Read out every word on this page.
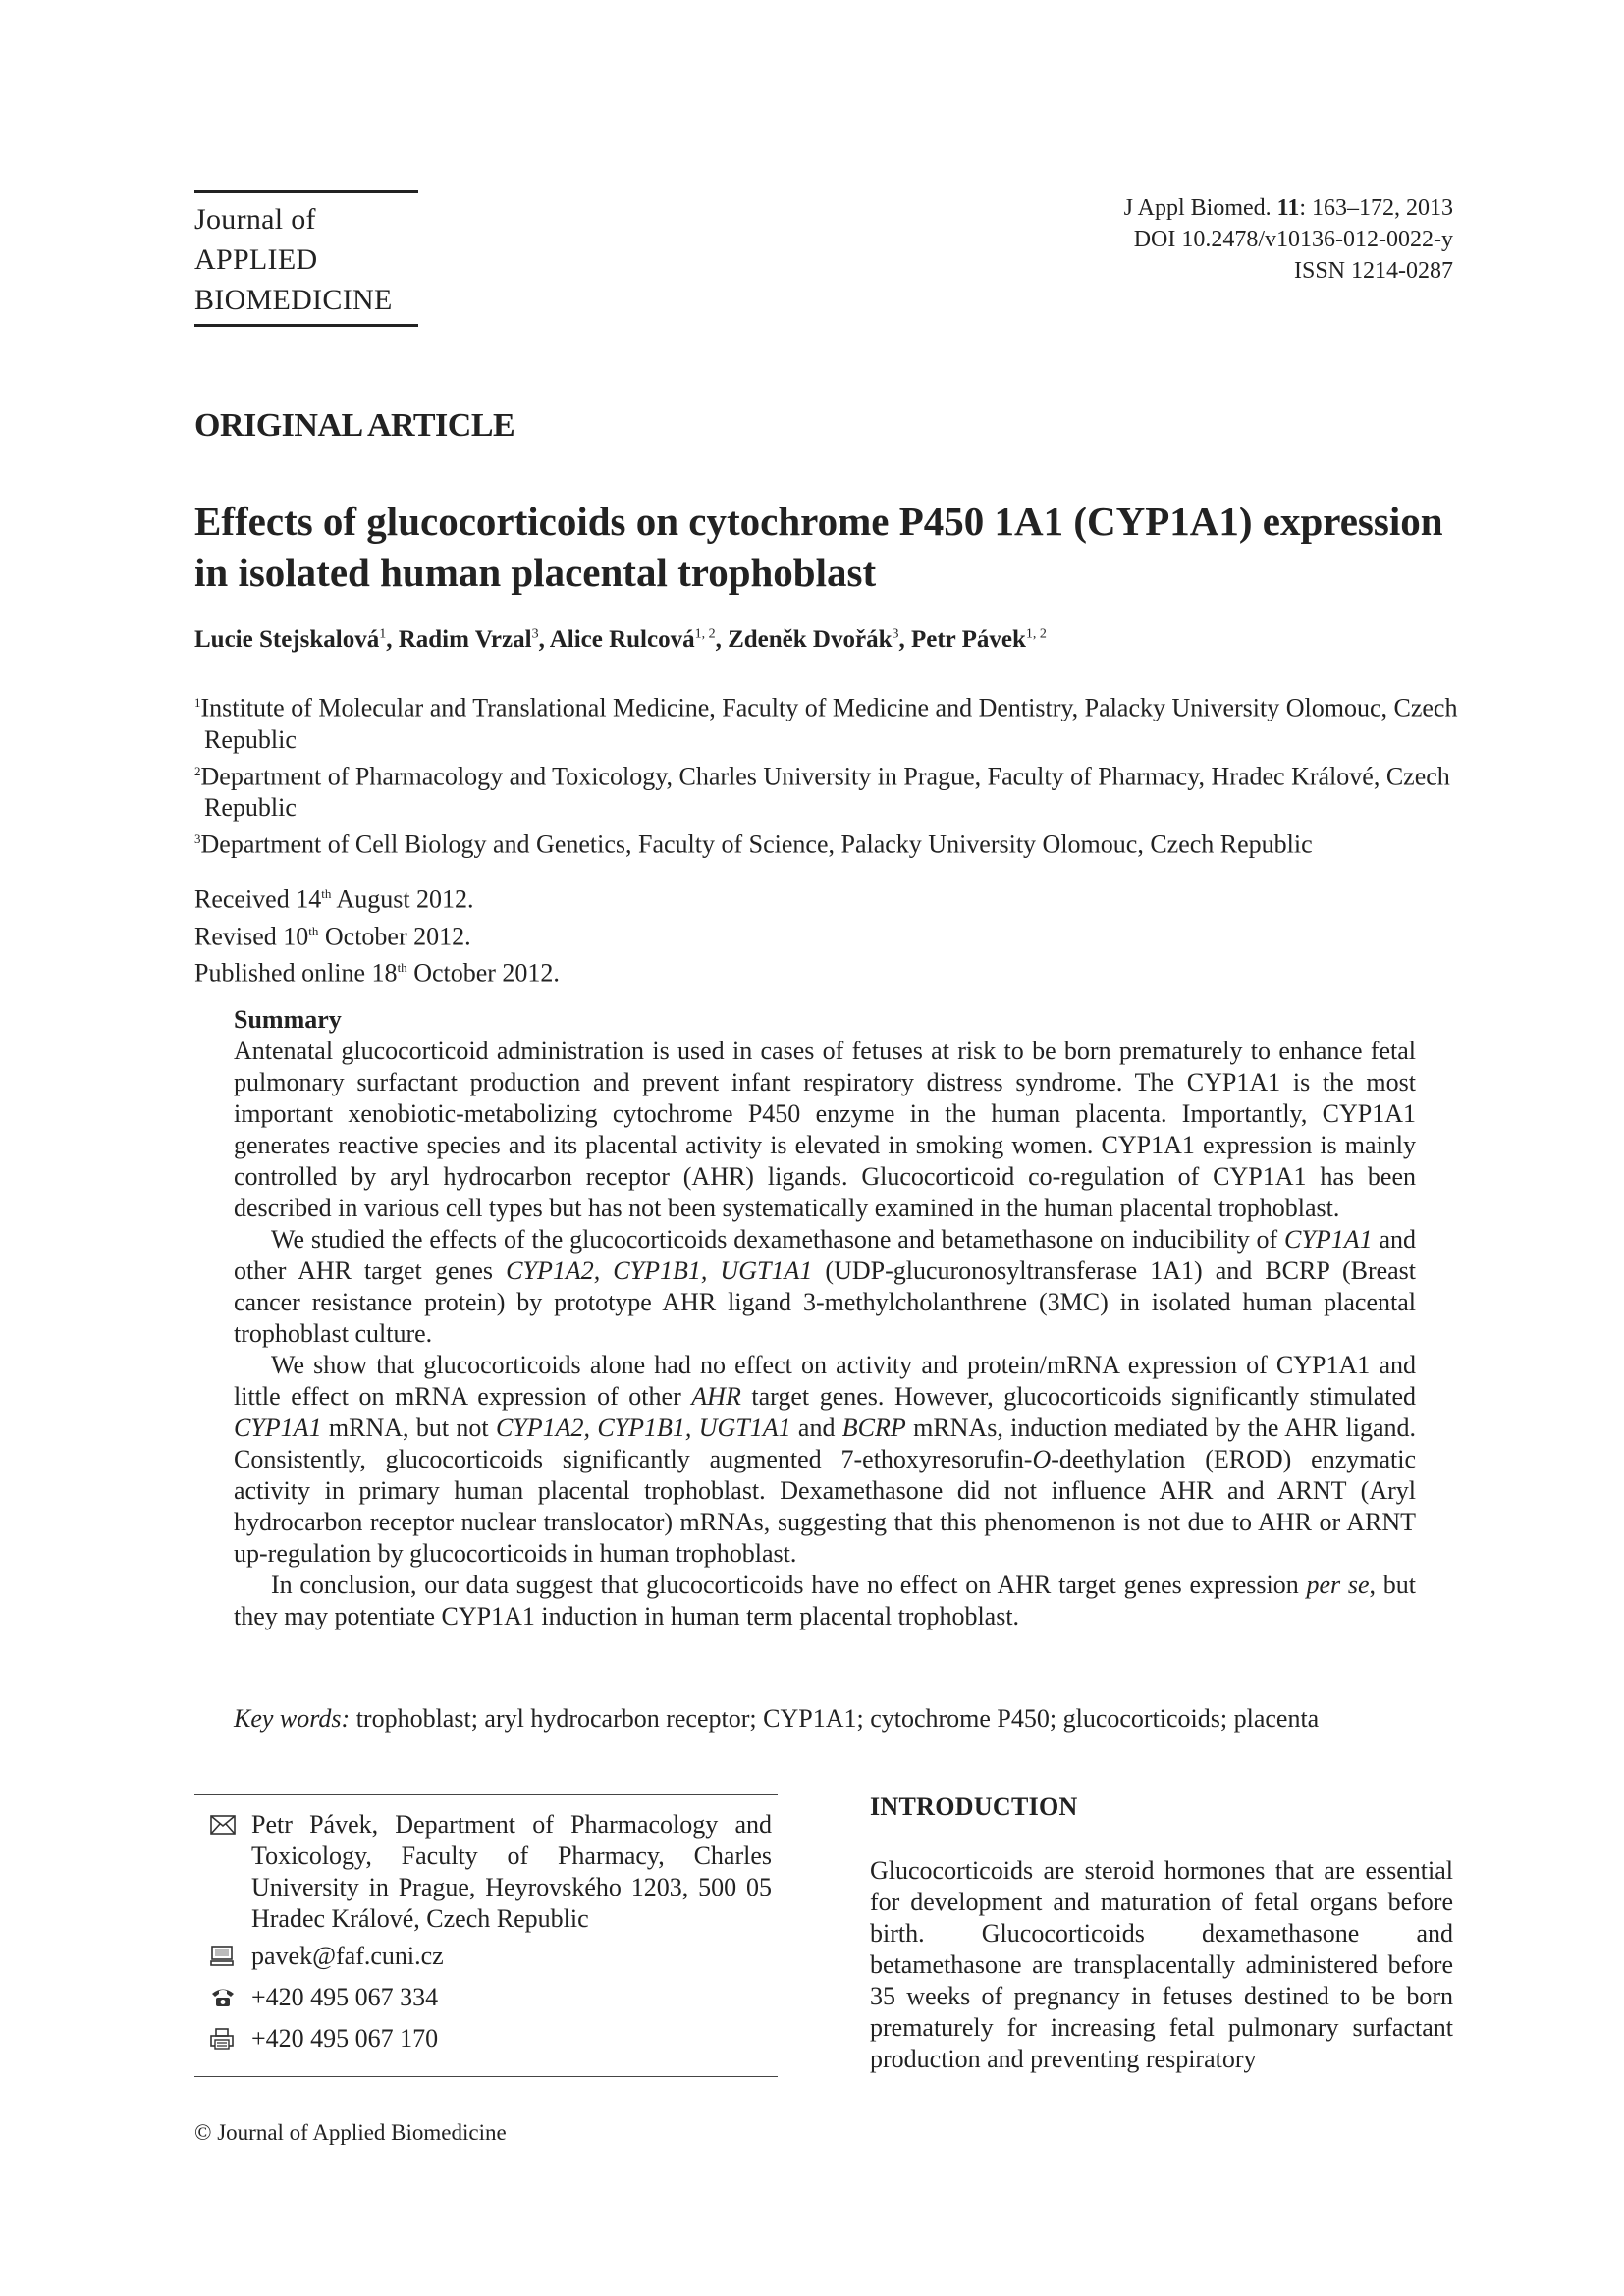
Journal of
APPLIED
BIOMEDICINE
J Appl Biomed. 11: 163–172, 2013
DOI 10.2478/v10136-012-0022-y
ISSN 1214-0287
ORIGINAL ARTICLE
Effects of glucocorticoids on cytochrome P450 1A1 (CYP1A1) expression in isolated human placental trophoblast
Lucie Stejskalová$^1$, Radim Vrzal$^3$, Alice Rulcová$^{1, 2}$, Zdeněk Dvořák$^3$, Petr Pávek$^{1, 2}$
$^1$Institute of Molecular and Translational Medicine, Faculty of Medicine and Dentistry, Palacky University Olomouc, Czech Republic
$^2$Department of Pharmacology and Toxicology, Charles University in Prague, Faculty of Pharmacy, Hradec Králové, Czech Republic
$^3$Department of Cell Biology and Genetics, Faculty of Science, Palacky University Olomouc, Czech Republic
Received 14th August 2012.
Revised 10th October 2012.
Published online 18th October 2012.
Summary

Antenatal glucocorticoid administration is used in cases of fetuses at risk to be born prematurely to enhance fetal pulmonary surfactant production and prevent infant respiratory distress syndrome. The CYP1A1 is the most important xenobiotic-metabolizing cytochrome P450 enzyme in the human placenta. Importantly, CYP1A1 generates reactive species and its placental activity is elevated in smoking women. CYP1A1 expression is mainly controlled by aryl hydrocarbon receptor (AHR) ligands. Glucocorticoid co-regulation of CYP1A1 has been described in various cell types but has not been systematically examined in the human placental trophoblast.

We studied the effects of the glucocorticoids dexamethasone and betamethasone on inducibility of CYP1A1 and other AHR target genes CYP1A2, CYP1B1, UGT1A1 (UDP-glucuronosyltransferase 1A1) and BCRP (Breast cancer resistance protein) by prototype AHR ligand 3-methylcholanthrene (3MC) in isolated human placental trophoblast culture.

We show that glucocorticoids alone had no effect on activity and protein/mRNA expression of CYP1A1 and little effect on mRNA expression of other AHR target genes. However, glucocorticoids significantly stimulated CYP1A1 mRNA, but not CYP1A2, CYP1B1, UGT1A1 and BCRP mRNAs, induction mediated by the AHR ligand. Consistently, glucocorticoids significantly augmented 7-ethoxyresorufin-O-deethylation (EROD) enzymatic activity in primary human placental trophoblast. Dexamethasone did not influence AHR and ARNT (Aryl hydrocarbon receptor nuclear translocator) mRNAs, suggesting that this phenomenon is not due to AHR or ARNT up-regulation by glucocorticoids in human trophoblast.

In conclusion, our data suggest that glucocorticoids have no effect on AHR target genes expression per se, but they may potentiate CYP1A1 induction in human term placental trophoblast.

Key words: trophoblast; aryl hydrocarbon receptor; CYP1A1; cytochrome P450; glucocorticoids; placenta
Petr Pávek, Department of Pharmacology and Toxicology, Faculty of Pharmacy, Charles University in Prague, Heyrovského 1203, 500 05 Hradec Králové, Czech Republic
pavek@faf.cuni.cz
+420 495 067 334
+420 495 067 170
INTRODUCTION
Glucocorticoids are steroid hormones that are essential for development and maturation of fetal organs before birth. Glucocorticoids dexamethasone and betamethasone are transplacentally administered before 35 weeks of pregnancy in fetuses destined to be born prematurely for increasing fetal pulmonary surfactant production and preventing respiratory
© Journal of Applied Biomedicine
